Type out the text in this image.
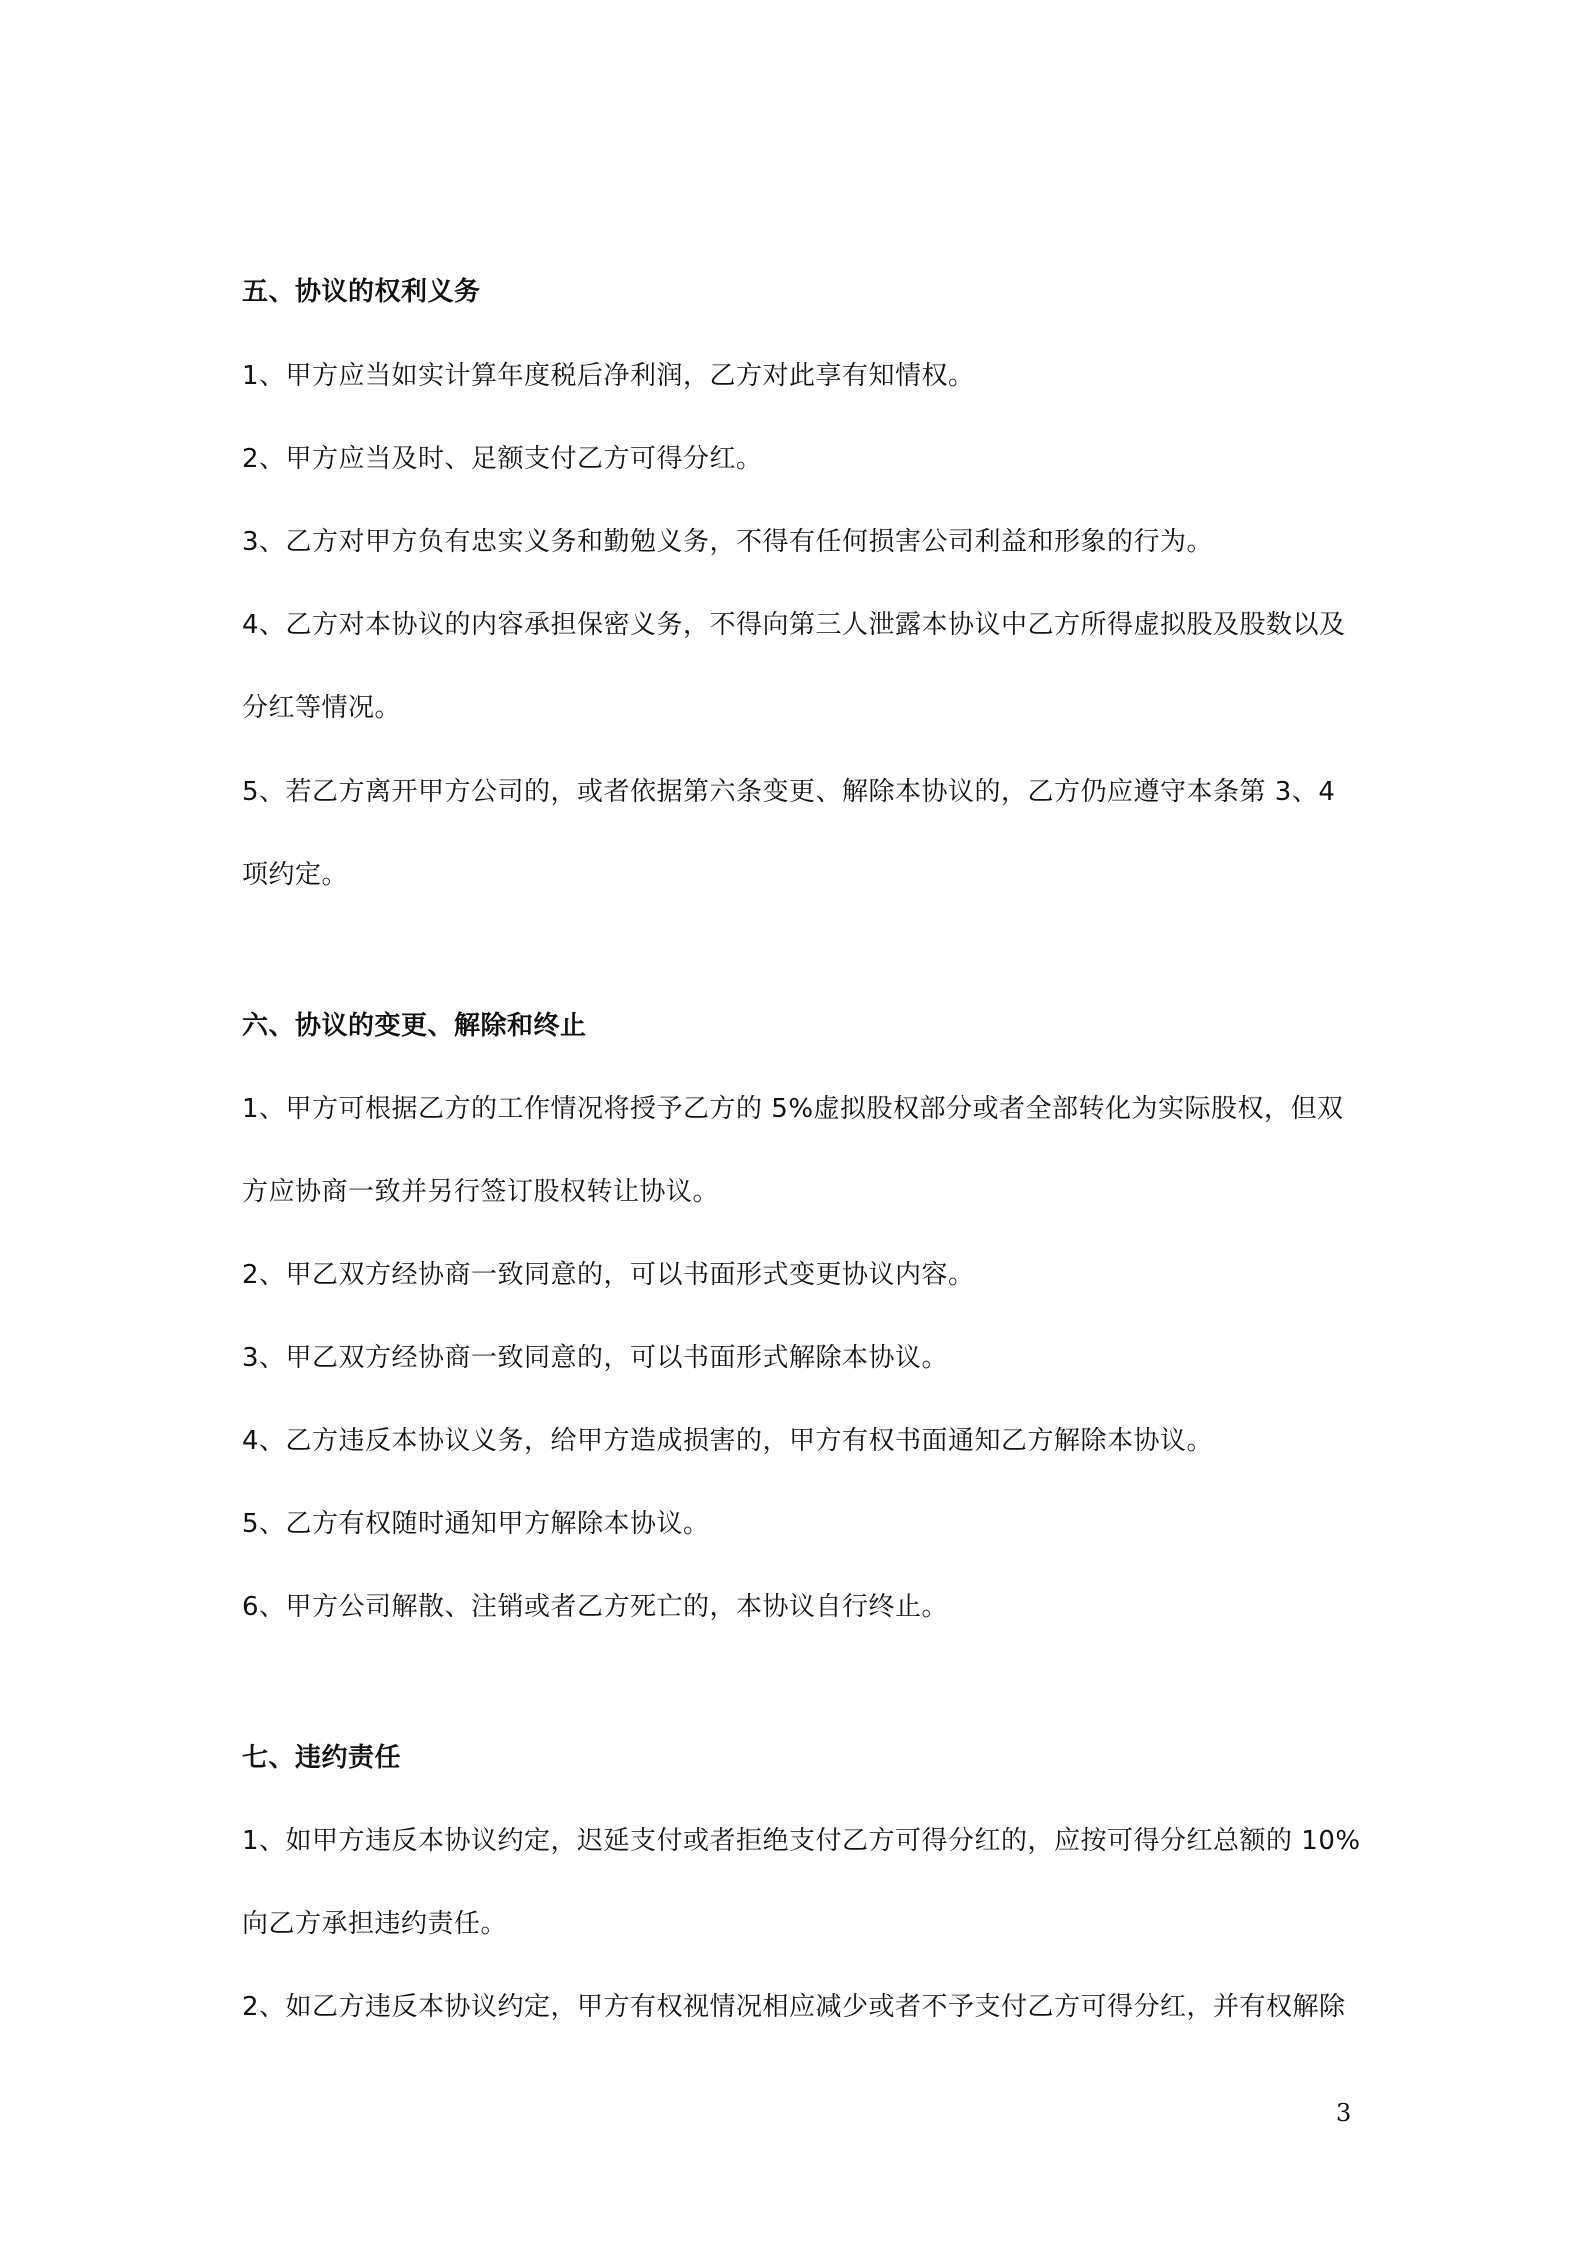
五、协议的权利义务
1、甲方应当如实计算年度税后净利润，乙方对此享有知情权。
2、甲方应当及时、足额支付乙方可得分红。
3、乙方对甲方负有忠实义务和勤勉义务，不得有任何损害公司利益和形象的行为。
4、乙方对本协议的内容承担保密义务，不得向第三人泄露本协议中乙方所得虚拟股及股数以及
分红等情况。
5、若乙方离开甲方公司的，或者依据第六条变更、解除本协议的，乙方仍应遵守本条第 3、4
项约定。
六、协议的变更、解除和终止
1、甲方可根据乙方的工作情况将授予乙方的 5%虚拟股权部分或者全部转化为实际股权，但双
方应协商一致并另行签订股权转让协议。
2、甲乙双方经协商一致同意的，可以书面形式变更协议内容。
3、甲乙双方经协商一致同意的，可以书面形式解除本协议。
4、乙方违反本协议义务，给甲方造成损害的，甲方有权书面通知乙方解除本协议。
5、乙方有权随时通知甲方解除本协议。
6、甲方公司解散、注销或者乙方死亡的，本协议自行终止。
七、违约责任
1、如甲方违反本协议约定，迟延支付或者拒绝支付乙方可得分红的，应按可得分红总额的 10%
向乙方承担违约责任。
2、如乙方违反本协议约定，甲方有权视情况相应减少或者不予支付乙方可得分红，并有权解除
3
